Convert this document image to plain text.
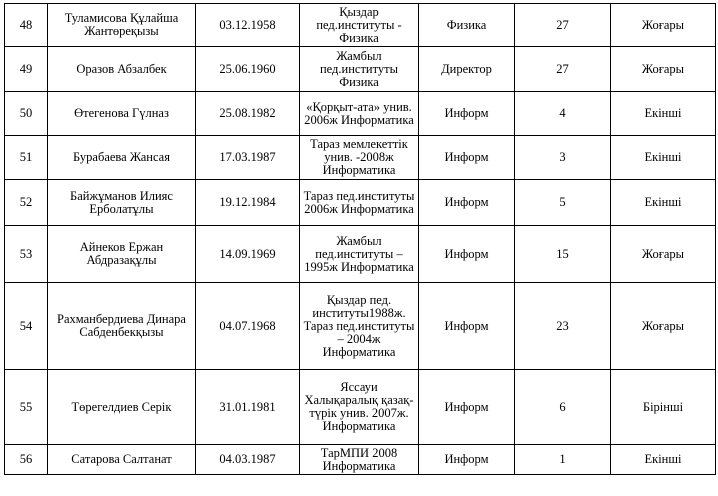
48	Туламисова Құлайша Жантөреқызы	03.12.1958	Қыздар пед.институты - Физика	Физика	27	Жоғары
49	Оразов Абзалбек	25.06.1960	Жамбыл пед.институты Физика	Директор	27	Жоғары
50	Өтегенова Гүлназ	25.08.1982	«Қорқыт-ата» унив. 2006ж Информатика	Информ	4	Екінші
51	Бурабаева Жансая	17.03.1987	Тараз мемлекеттік унив. -2008ж Информатика	Информ	3	Екінші
52	Байжұманов Илияс Ерболатұлы	19.12.1984	Тараз пед.институты 2006ж Информатика	Информ	5	Екінші
53	Айнеков Ержан Абдразақұлы	14.09.1969	Жамбыл пед.институты – 1995ж Информатика	Информ	15	Жоғары
54	Рахманбердиева Динара Сабденбекқызы	04.07.1968	Қыздар пед. институты1988ж. Тараз пед.институты – 2004ж Информатика	Информ	23	Жоғары
55	Төрегелдиев Серік	31.01.1981	Яссауи Халықаралық қазақ-түрік унив. 2007ж. Информатика	Информ	6	Бірінші
56	Сатарова Салтанат	04.03.1987	ТарМПИ 2008 Информатика	Информ	1	Екінші
